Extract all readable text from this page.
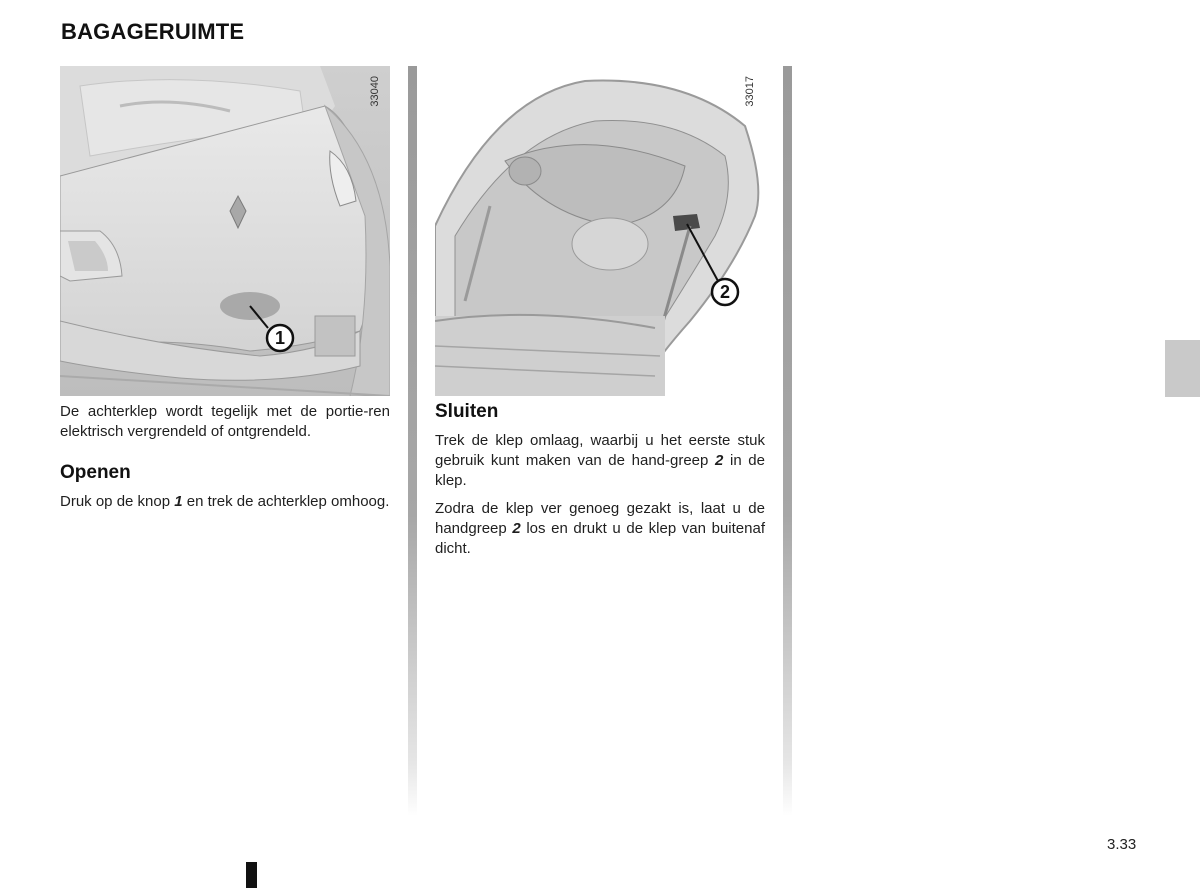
BAGAGERUIMTE
1
33040

De achterklep wordt tegelijk met de portie-ren elektrisch vergrendeld of ontgrendeld.

Openen

Druk op de knop 1 en trek de achterklep omhoog.

2
33017
Sluiten

Trek de klep omlaag, waarbij u het eerste stuk gebruik kunt maken van de hand-greep 2 in de klep.

Zodra de klep ver genoeg gezakt is, laat u de handgreep 2 los en drukt u de klep van buitenaf dicht.

3.33
